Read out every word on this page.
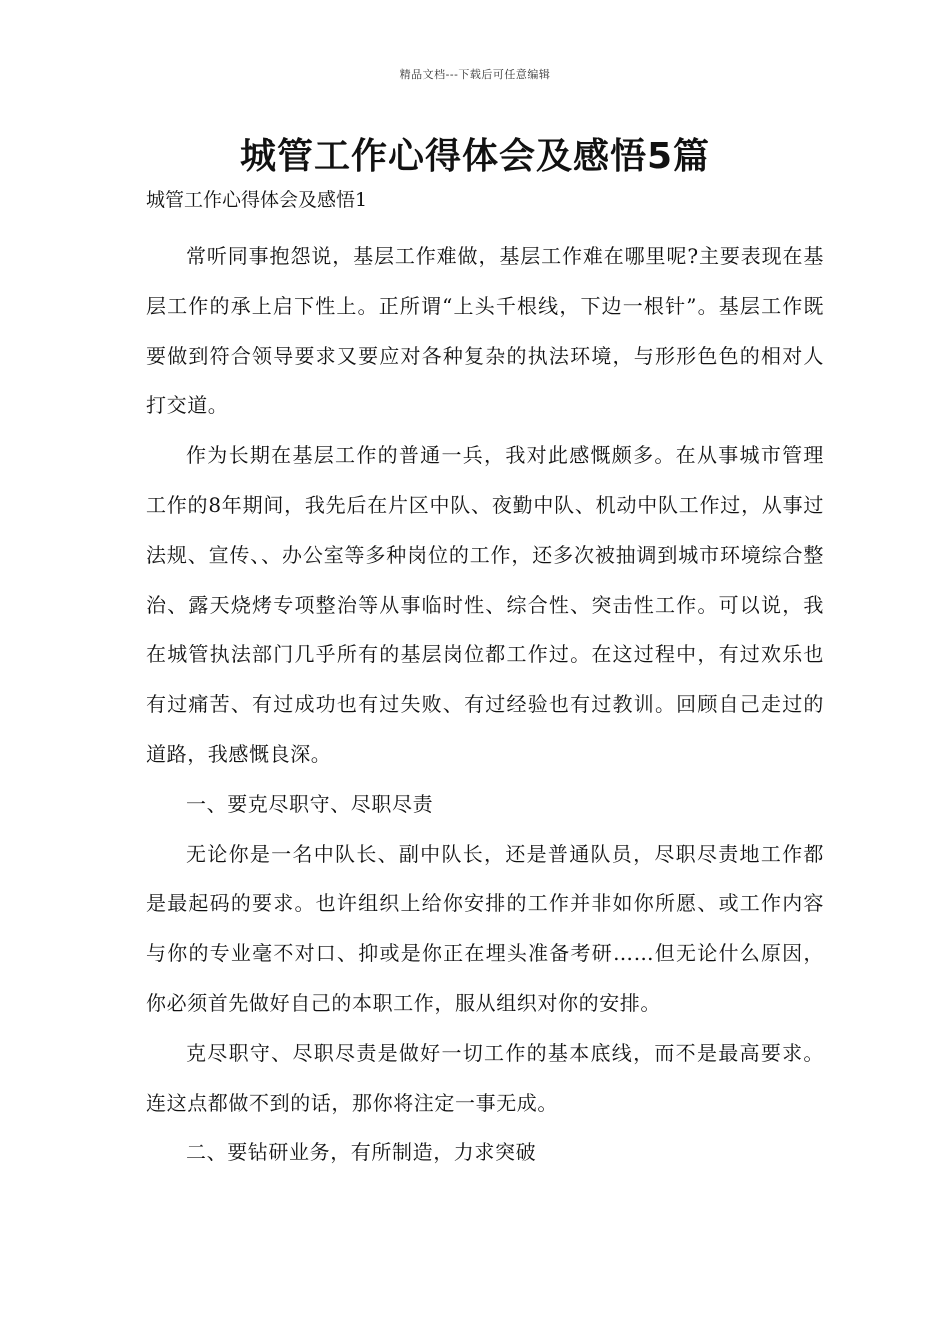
精品文档---下载后可任意编辑
城管工作心得体会及感悟5篇
城管工作心得体会及感悟1

常听同事抱怨说，基层工作难做，基层工作难在哪里呢?主要表现在基层工作的承上启下性上。正所谓“上头千根线，下边一根针”。基层工作既要做到符合领导要求又要应对各种复杂的执法环境，与形形色色的相对人打交道。

作为长期在基层工作的普通一兵，我对此感慨颇多。在从事城市管理工作的8年期间，我先后在片区中队、夜勤中队、机动中队工作过，从事过法规、宣传、、办公室等多种岗位的工作，还多次被抽调到城市环境综合整治、露天烧烤专项整治等从事临时性、综合性、突击性工作。可以说，我在城管执法部门几乎所有的基层岗位都工作过。在这过程中，有过欢乐也有过痛苦、有过成功也有过失败、有过经验也有过教训。回顾自己走过的道路，我感慨良深。

一、要克尽职守、尽职尽责

无论你是一名中队长、副中队长，还是普通队员，尽职尽责地工作都是最起码的要求。也许组织上给你安排的工作并非如你所愿、或工作内容与你的专业毫不对口、抑或是你正在埋头准备考研……但无论什么原因，你必须首先做好自己的本职工作，服从组织对你的安排。

克尽职守、尽职尽责是做好一切工作的基本底线，而不是最高要求。连这点都做不到的话，那你将注定一事无成。

二、要钻研业务，有所制造，力求突破
